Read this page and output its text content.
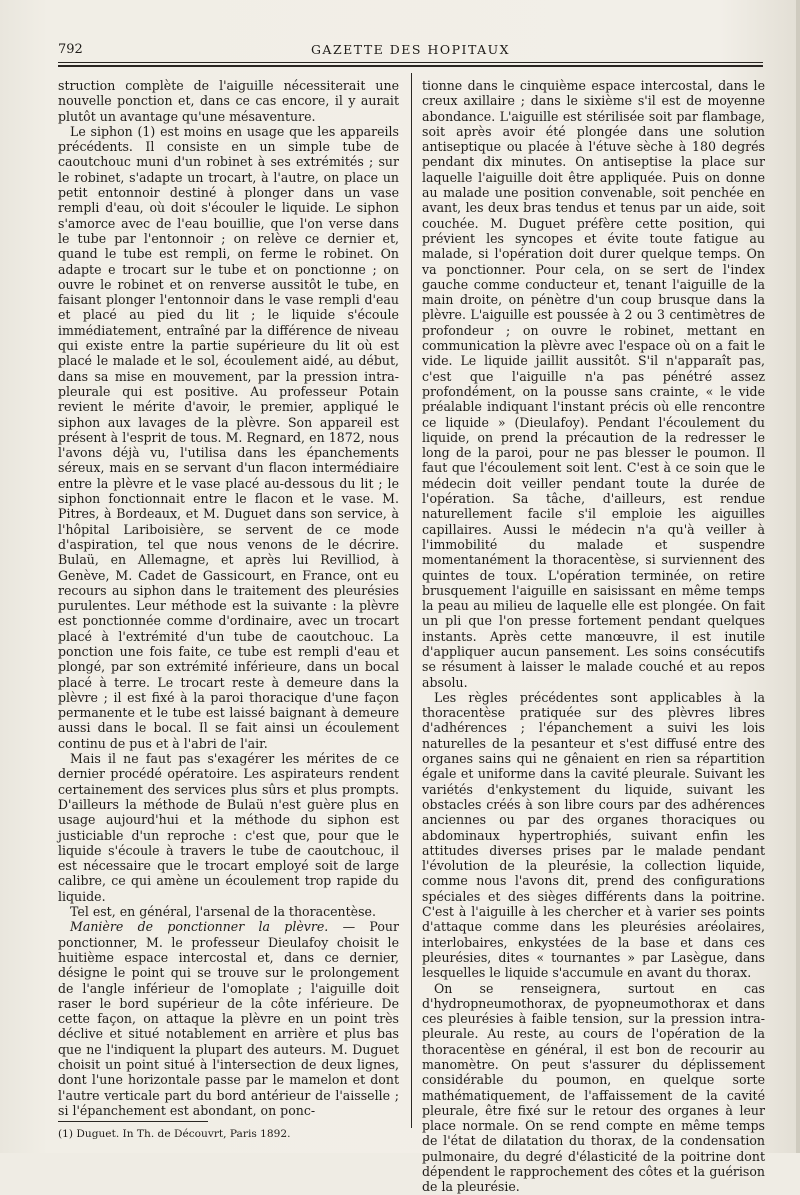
792	GAZETTE DES HOPITAUX

struction complète de l'aiguille nécessiterait une nouvelle ponction et, dans ce cas encore, il y aurait plutôt un avantage qu'une mésaventure.

Le siphon (1) est moins en usage que les appareils précédents. Il consiste en un simple tube de caoutchouc muni d'un robinet à ses extrémités ; sur le robinet, s'adapte un trocart, à l'autre, on place un petit entonnoir destiné à plonger dans un vase rempli d'eau, où doit s'écouler le liquide. Le siphon s'amorce avec de l'eau bouillie, que l'on verse dans le tube par l'entonnoir ; on relève ce dernier et, quand le tube est rempli, on ferme le robinet. On adapte e trocart sur le tube et on ponctionne ; on ouvre le robinet et on renverse aussitôt le tube, en faisant plonger l'entonnoir dans le vase rempli d'eau et placé au pied du lit ; le liquide s'écoule immédiatement, entraîné par la différence de niveau qui existe entre la partie supérieure du lit où est placé le malade et le sol, écoulement aidé, au début, dans sa mise en mouvement, par la pression intra-pleurale qui est positive. Au professeur Potain revient le mérite d'avoir, le premier, appliqué le siphon aux lavages de la plèvre. Son appareil est présent à l'esprit de tous. M. Regnard, en 1872, nous l'avons déjà vu, l'utilisa dans les épanchements séreux, mais en se servant d'un flacon intermédiaire entre la plèvre et le vase placé au-dessous du lit ; le siphon fonctionnait entre le flacon et le vase. M. Pitres, à Bordeaux, et M. Duguet dans son service, à l'hôpital Lariboisière, se servent de ce mode d'aspiration, tel que nous venons de le décrire. Bulaü, en Allemagne, et après lui Revilliod, à Genève, M. Cadet de Gassicourt, en France, ont eu recours au siphon dans le traitement des pleurésies purulentes. Leur méthode est la suivante : la plèvre est ponctionnée comme d'ordinaire, avec un trocart placé à l'extrémité d'un tube de caoutchouc. La ponction une fois faite, ce tube est rempli d'eau et plongé, par son extrémité inférieure, dans un bocal placé à terre. Le trocart reste à demeure dans la plèvre ; il est fixé à la paroi thoracique d'une façon permanente et le tube est laissé baignant à demeure aussi dans le bocal. Il se fait ainsi un écoulement continu de pus et à l'abri de l'air.

Mais il ne faut pas s'exagérer les mérites de ce dernier procédé opératoire. Les aspirateurs rendent certainement des services plus sûrs et plus prompts. D'ailleurs la méthode de Bulaü n'est guère plus en usage aujourd'hui et la méthode du siphon est justiciable d'un reproche : c'est que, pour que le liquide s'écoule à travers le tube de caoutchouc, il est nécessaire que le trocart employé soit de large calibre, ce qui amène un écoulement trop rapide du liquide.

Tel est, en général, l'arsenal de la thoracentèse.

Manière de ponctionner la plèvre. — Pour ponctionner, M. le professeur Dieulafoy choisit le huitième espace intercostal et, dans ce dernier, désigne le point qui se trouve sur le prolongement de l'angle inférieur de l'omoplate ; l'aiguille doit raser le bord supérieur de la côte inférieure. De cette façon, on attaque la plèvre en un point très déclive et situé notablement en arrière et plus bas que ne l'indiquent la plupart des auteurs. M. Duguet choisit un point situé à l'intersection de deux lignes, dont l'une horizontale passe par le mamelon et dont l'autre verticale part du bord antérieur de l'aisselle ; si l'épanchement est abondant, on ponc-

tionne dans le cinquième espace intercostal, dans le creux axillaire ; dans le sixième s'il est de moyenne abondance. L'aiguille est stérilisée soit par flambage, soit après avoir été plongée dans une solution antiseptique ou placée à l'étuve sèche à 180 degrés pendant dix minutes. On antiseptise la place sur laquelle l'aiguille doit être appliquée. Puis on donne au malade une position convenable, soit penchée en avant, les deux bras tendus et tenus par un aide, soit couchée. M. Duguet préfère cette position, qui prévient les syncopes et évite toute fatigue au malade, si l'opération doit durer quelque temps. On va ponctionner. Pour cela, on se sert de l'index gauche comme conducteur et, tenant l'aiguille de la main droite, on pénètre d'un coup brusque dans la plèvre. L'aiguille est poussée à 2 ou 3 centimètres de profondeur ; on ouvre le robinet, mettant en communication la plèvre avec l'espace où on a fait le vide. Le liquide jaillit aussitôt. S'il n'apparaît pas, c'est que l'aiguille n'a pas pénétré assez profondément, on la pousse sans crainte, « le vide préalable indiquant l'instant précis où elle rencontre ce liquide » (Dieulafoy). Pendant l'écoulement du liquide, on prend la précaution de la redresser le long de la paroi, pour ne pas blesser le poumon. Il faut que l'écoulement soit lent. C'est à ce soin que le médecin doit veiller pendant toute la durée de l'opération. Sa tâche, d'ailleurs, est rendue naturellement facile s'il emploie les aiguilles capillaires. Aussi le médecin n'a qu'à veiller à l'immobilité du malade et suspendre momentanément la thoracentèse, si surviennent des quintes de toux. L'opération terminée, on retire brusquement l'aiguille en saisissant en même temps la peau au milieu de laquelle elle est plongée. On fait un pli que l'on presse fortement pendant quelques instants. Après cette manœuvre, il est inutile d'appliquer aucun pansement. Les soins consécutifs se résument à laisser le malade couché et au repos absolu.

Les règles précédentes sont applicables à la thoracentèse pratiquée sur des plèvres libres d'adhérences ; l'épanchement a suivi les lois naturelles de la pesanteur et s'est diffusé entre des organes sains qui ne gênaient en rien sa répartition égale et uniforme dans la cavité pleurale. Suivant les variétés d'enkystement du liquide, suivant les obstacles créés à son libre cours par des adhérences anciennes ou par des organes thoraciques ou abdominaux hypertrophiés, suivant enfin les attitudes diverses prises par le malade pendant l'évolution de la pleurésie, la collection liquide, comme nous l'avons dit, prend des configurations spéciales et des sièges différents dans la poitrine. C'est à l'aiguille à les chercher et à varier ses points d'attaque comme dans les pleurésies aréolaires, interlobaires, enkystées de la base et dans ces pleurésies, dites « tournantes » par Lasègue, dans lesquelles le liquide s'accumule en avant du thorax.

On se renseignera, surtout en cas d'hydropneumothorax, de pyopneumothorax et dans ces pleurésies à faible tension, sur la pression intra-pleurale. Au reste, au cours de l'opération de la thoracentèse en général, il est bon de recourir au manomètre. On peut s'assurer du déplissement considérable du poumon, en quelque sorte mathématiquement, de l'affaissement de la cavité pleurale, être fixé sur le retour des organes à leur place normale. On se rend compte en même temps de l'état de dilatation du thorax, de la condensation pulmonaire, du degré d'élasticité de la poitrine dont dépendent le rapprochement des côtes et la guérison de la pleurésie.

(1) Duguet. In Th. de Découvrt, Paris 1892.
